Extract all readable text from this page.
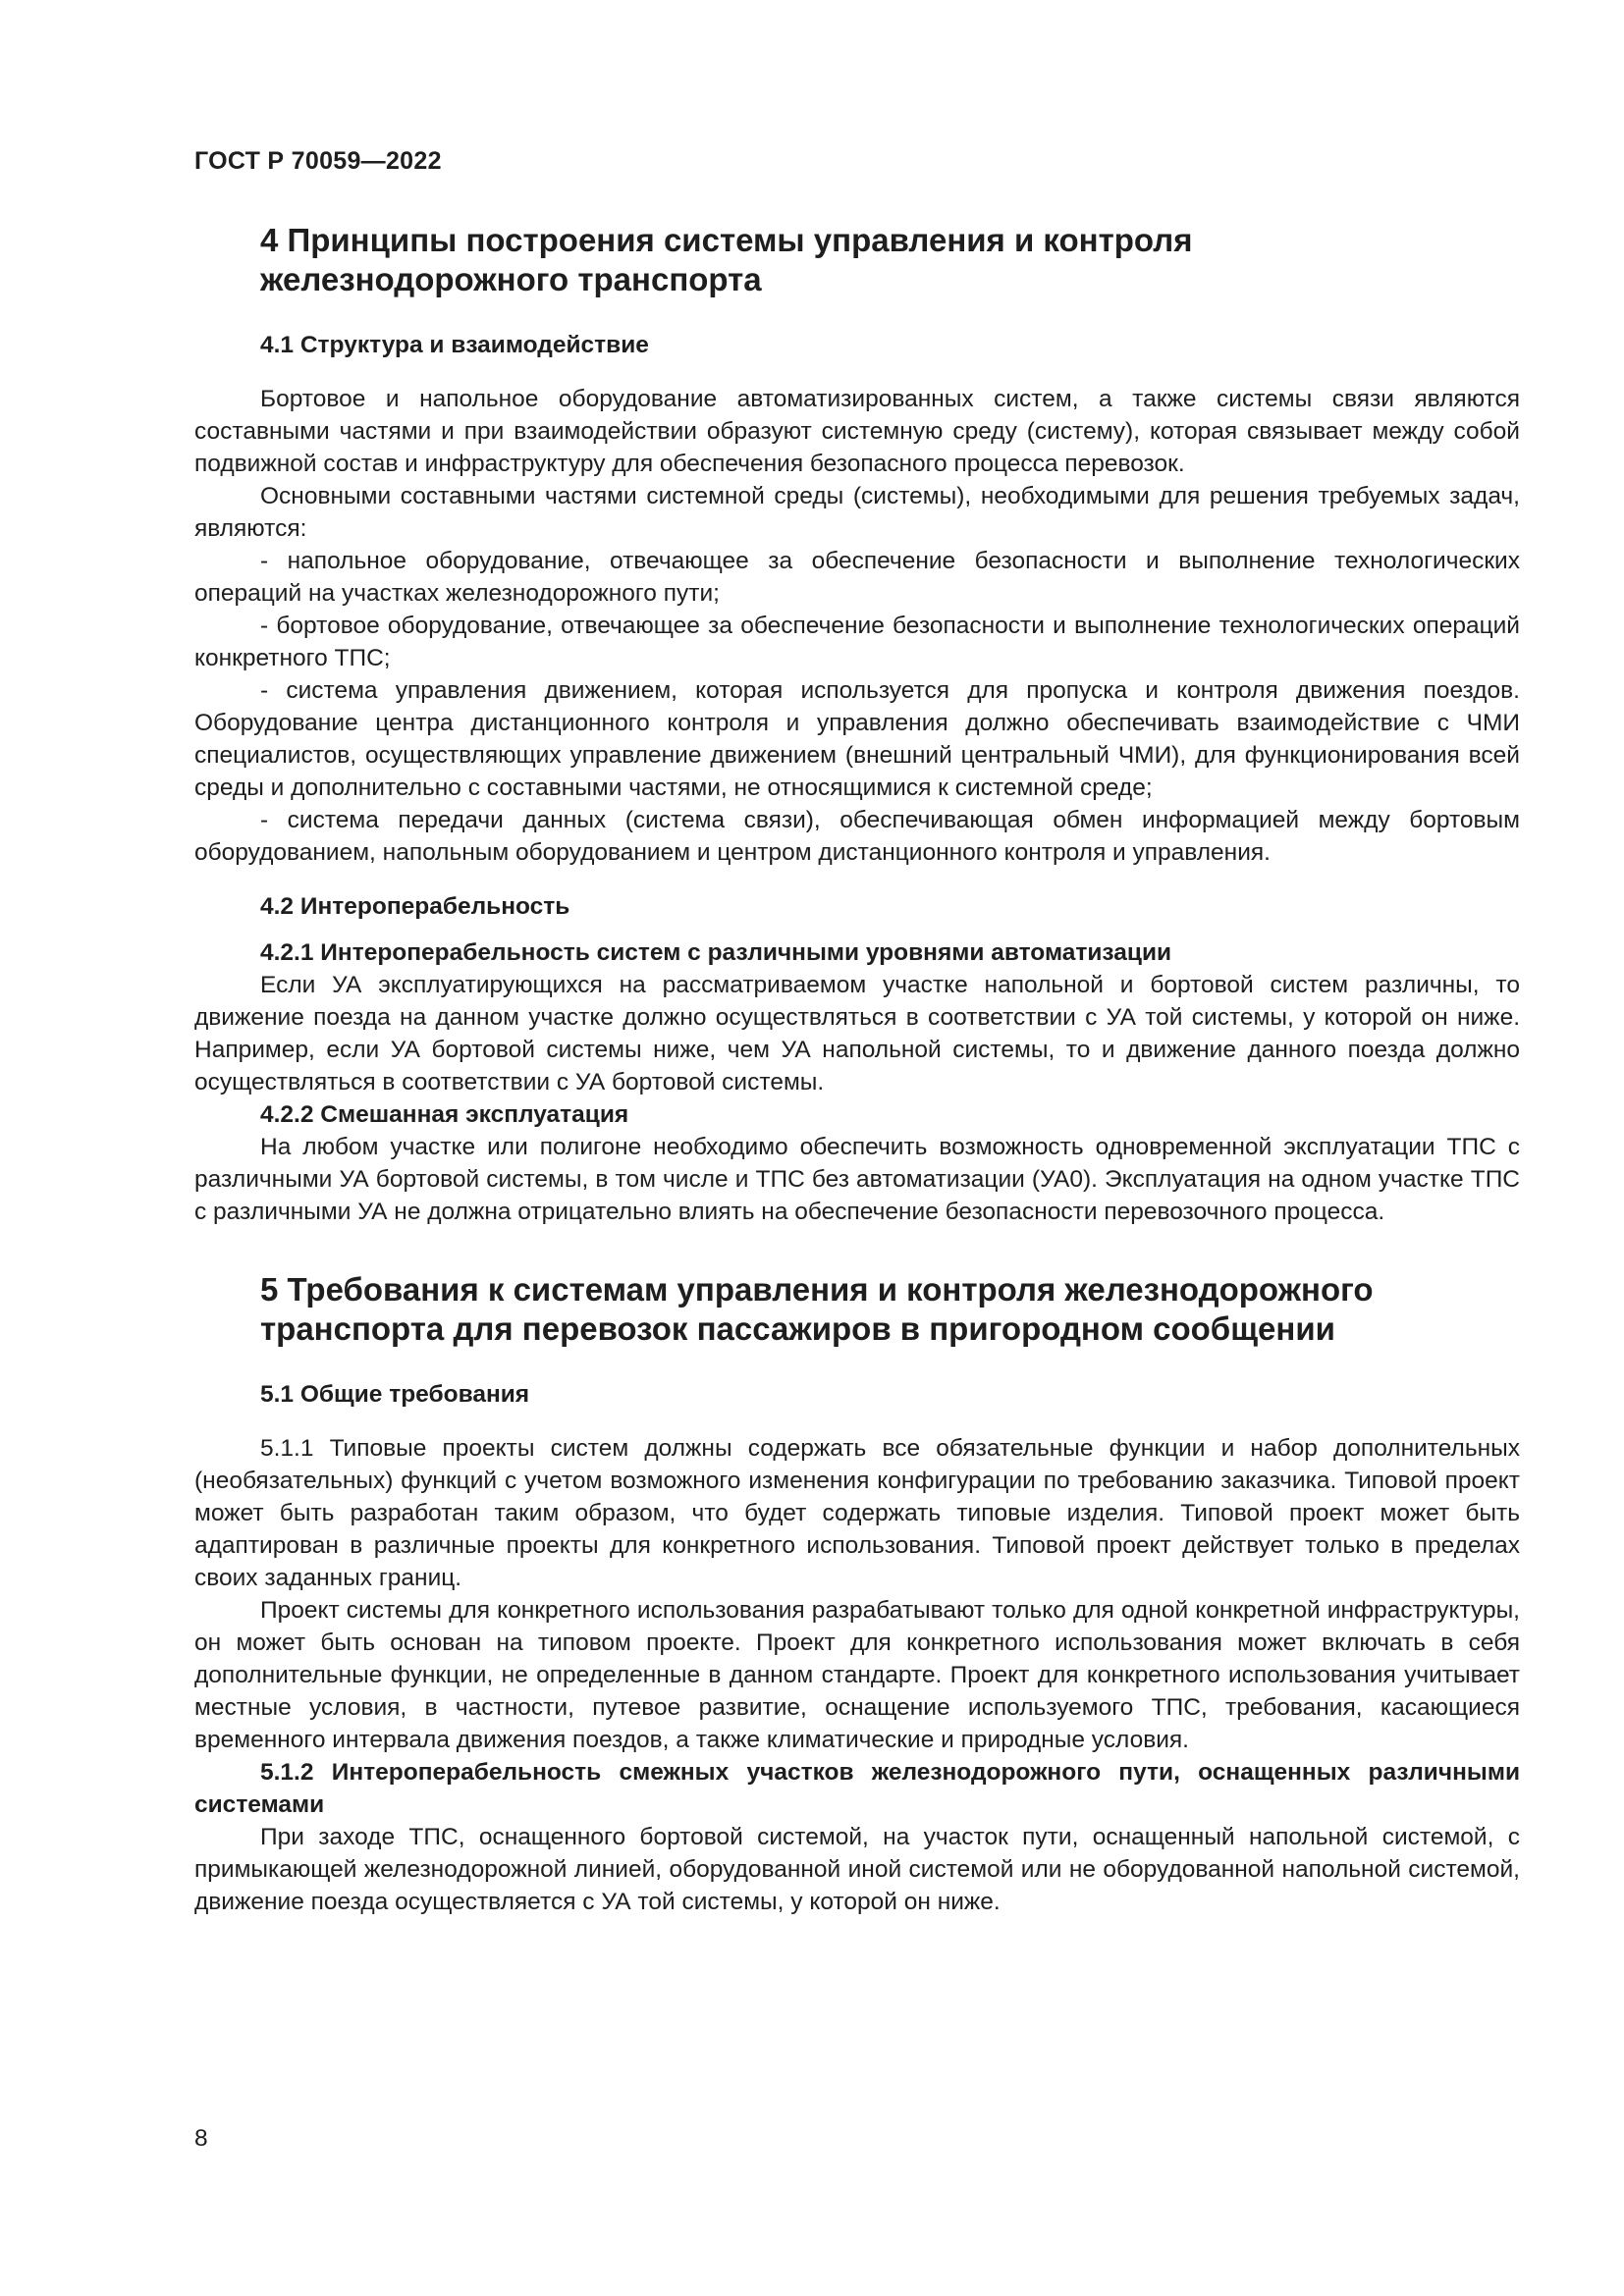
ГОСТ Р 70059—2022
4 Принципы построения системы управления и контроля
железнодорожного транспорта
4.1 Структура и взаимодействие

Бортовое и напольное оборудование автоматизированных систем, а также системы связи являются составными частями и при взаимодействии образуют системную среду (систему), которая связывает между собой подвижной состав и инфраструктуру для обеспечения безопасного процесса перевозок.

Основными составными частями системной среды (системы), необходимыми для решения требуемых задач, являются:

- напольное оборудование, отвечающее за обеспечение безопасности и выполнение технологических операций на участках железнодорожного пути;

- бортовое оборудование, отвечающее за обеспечение безопасности и выполнение технологических операций конкретного ТПС;

- система управления движением, которая используется для пропуска и контроля движения поездов. Оборудование центра дистанционного контроля и управления должно обеспечивать взаимодействие с ЧМИ специалистов, осуществляющих управление движением (внешний центральный ЧМИ), для функционирования всей среды и дополнительно с составными частями, не относящимися к системной среде;

- система передачи данных (система связи), обеспечивающая обмен информацией между бортовым оборудованием, напольным оборудованием и центром дистанционного контроля и управления.

4.2 Интероперабельность
4.2.1 Интероперабельность систем с различными уровнями автоматизации

Если УА эксплуатирующихся на рассматриваемом участке напольной и бортовой систем различны, то движение поезда на данном участке должно осуществляться в соответствии с УА той системы, у которой он ниже. Например, если УА бортовой системы ниже, чем УА напольной системы, то и движение данного поезда должно осуществляться в соответствии с УА бортовой системы.

4.2.2 Смешанная эксплуатация

На любом участке или полигоне необходимо обеспечить возможность одновременной эксплуатации ТПС с различными УА бортовой системы, в том числе и ТПС без автоматизации (УА0). Эксплуатация на одном участке ТПС с различными УА не должна отрицательно влиять на обеспечение безопасности перевозочного процесса.

5 Требования к системам управления и контроля железнодорожного
транспорта для перевозок пассажиров в пригородном сообщении
5.1 Общие требования

5.1.1 Типовые проекты систем должны содержать все обязательные функции и набор дополнительных (необязательных) функций с учетом возможного изменения конфигурации по требованию заказчика. Типовой проект может быть разработан таким образом, что будет содержать типовые изделия. Типовой проект может быть адаптирован в различные проекты для конкретного использования. Типовой проект действует только в пределах своих заданных границ.

Проект системы для конкретного использования разрабатывают только для одной конкретной инфраструктуры, он может быть основан на типовом проекте. Проект для конкретного использования может включать в себя дополнительные функции, не определенные в данном стандарте. Проект для конкретного использования учитывает местные условия, в частности, путевое развитие, оснащение используемого ТПС, требования, касающиеся временного интервала движения поездов, а также климатические и природные условия.

5.1.2 Интероперабельность смежных участков железнодорожного пути, оснащенных различными системами

При заходе ТПС, оснащенного бортовой системой, на участок пути, оснащенный напольной системой, с примыкающей железнодорожной линией, оборудованной иной системой или не оборудованной напольной системой, движение поезда осуществляется с УА той системы, у которой он ниже.

8
